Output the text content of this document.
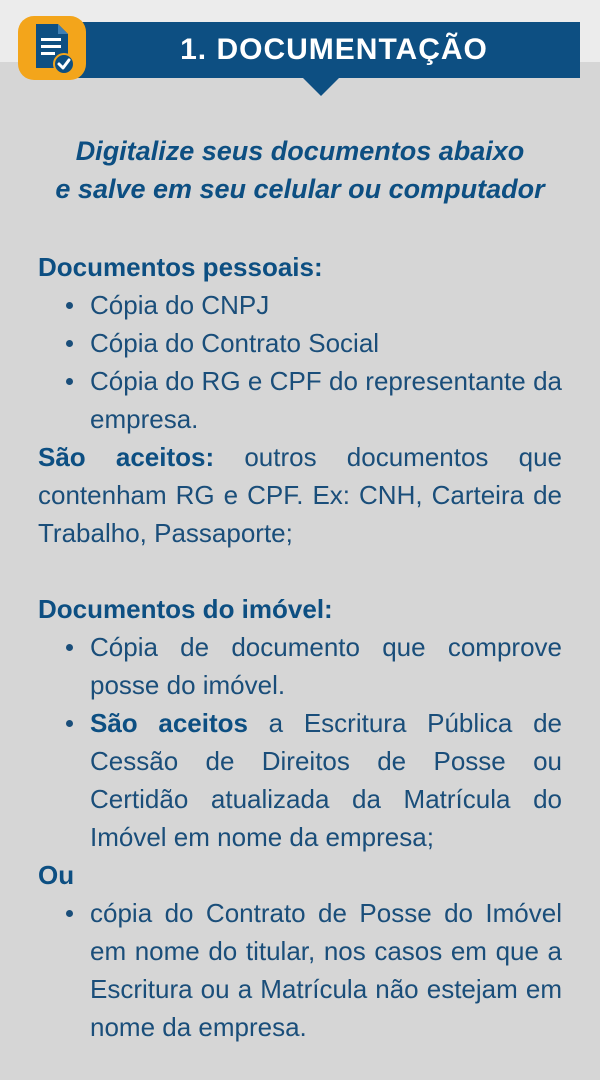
1. DOCUMENTAÇÃO

Digitalize seus documentos abaixo
e salve em seu celular ou computador

Documentos pessoais:

Cópia do CNPJ
Cópia do Contrato Social
Cópia do RG e CPF do representante da empresa.

São aceitos: outros documentos que contenham RG e CPF. Ex: CNH, Carteira de Trabalho, Passaporte;

Documentos do imóvel:

Cópia de documento que comprove posse do imóvel.
São aceitos a Escritura Pública de Cessão de Direitos de Posse ou Certidão atualizada da Matrícula do Imóvel em nome da empresa;

Ou

cópia do Contrato de Posse do Imóvel em nome do titular, nos casos em que a Escritura ou a Matrícula não estejam em nome da empresa.
